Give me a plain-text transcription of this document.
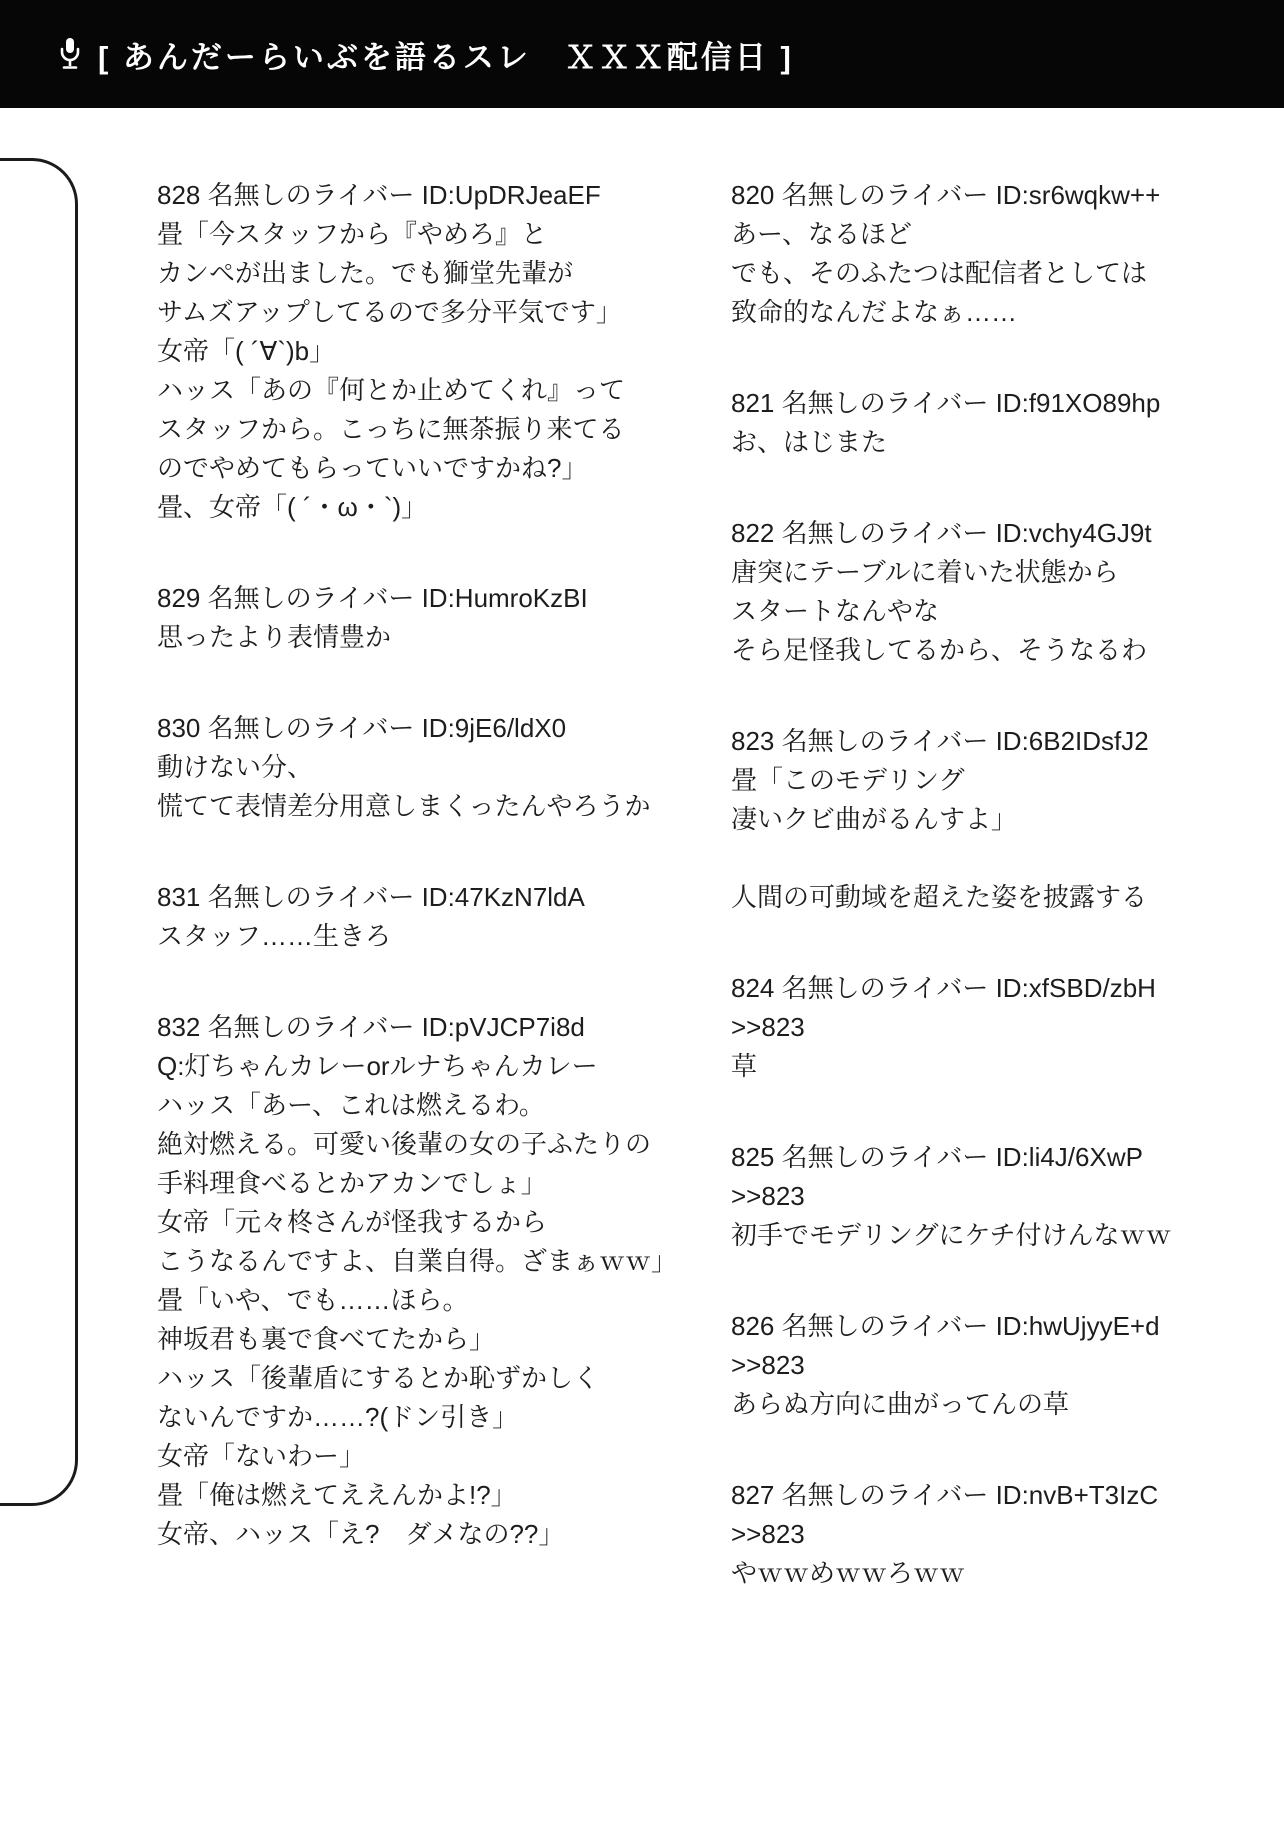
[ あんだーらいぶを語るスレ　ＸＸＸ配信日 ]
828 名無しのライバー ID:UpDRJeaEF
畳「今スタッフから『やめろ』と
カンペが出ました。でも獅堂先輩が
サムズアップしてるので多分平気です」
女帝「( ´∀`)b」
ハッス「あの『何とか止めてくれ』って
スタッフから。こっちに無茶振り来てる
のでやめてもらっていいですかね?」
畳、女帝「( ´・ω・`)」
829 名無しのライバー ID:HumroKzBI
思ったより表情豊か
830 名無しのライバー ID:9jE6/ldX0
動けない分、
慌てて表情差分用意しまくったんやろうか
831 名無しのライバー ID:47KzN7ldA
スタッフ……生きろ
832 名無しのライバー ID:pVJCP7i8d
Q:灯ちゃんカレーorルナちゃんカレー
ハッス「あー、これは燃えるわ。
絶対燃える。可愛い後輩の女の子ふたりの
手料理食べるとかアカンでしょ」
女帝「元々柊さんが怪我するから
こうなるんですよ、自業自得。ざまぁｗｗ」
畳「いや、でも……ほら。
神坂君も裏で食べてたから」
ハッス「後輩盾にするとか恥ずかしく
ないんですか……?(ドン引き」
女帝「ないわー」
畳「俺は燃えてええんかよ!?」
女帝、ハッス「え?　ダメなの??」
820 名無しのライバー ID:sr6wqkw++
あー、なるほど
でも、そのふたつは配信者としては
致命的なんだよなぁ……
821 名無しのライバー ID:f91XO89hp
お、はじまた
822 名無しのライバー ID:vchy4GJ9t
唐突にテーブルに着いた状態から
スタートなんやな
そら足怪我してるから、そうなるわ
823 名無しのライバー ID:6B2IDsfJ2
畳「このモデリング
凄いクビ曲がるんすよ」

人間の可動域を超えた姿を披露する
824 名無しのライバー ID:xfSBD/zbH
>>823
草
825 名無しのライバー ID:li4J/6XwP
>>823
初手でモデリングにケチ付けんなｗｗ
826 名無しのライバー ID:hwUjyyE+d
>>823
あらぬ方向に曲がってんの草
827 名無しのライバー ID:nvB+T3IzC
>>823
やｗｗめｗｗろｗｗ
